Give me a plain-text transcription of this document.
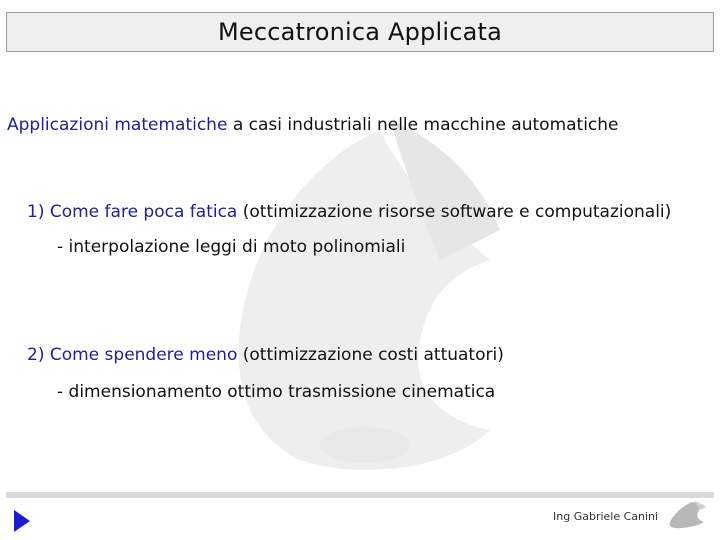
Meccatronica Applicata
Applicazioni matematiche a casi industriali nelle macchine automatiche
1) Come fare poca fatica (ottimizzazione risorse software e computazionali)
- interpolazione leggi di moto polinomiali
2) Come spendere meno (ottimizzazione costi attuatori)
- dimensionamento ottimo trasmissione cinematica
Ing Gabriele Canini
